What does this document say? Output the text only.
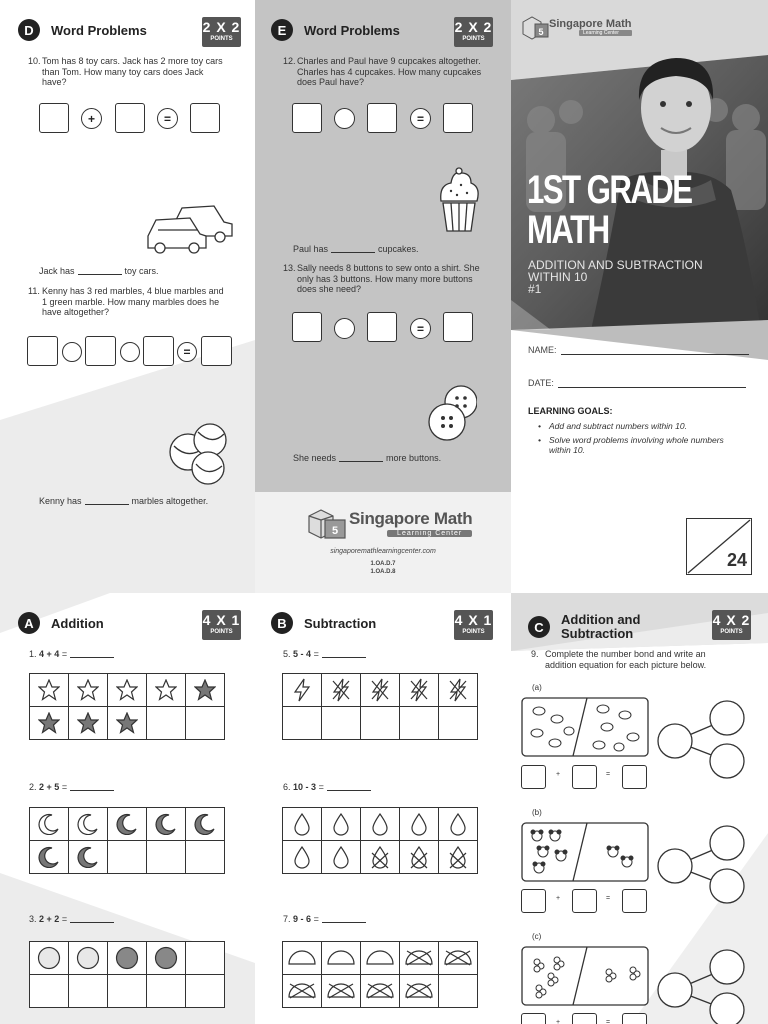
D	Word Problems	2 X 2
POINTS
10. Tom has 8 toy cars. Jack has 2 more toy cars than Tom. How many toy cars does Jack have?
+	=
Jack has	toy cars.
11. Kenny has 3 red marbles, 4 blue marbles and 1 green marble. How many marbles does he have altogether?
=
Kenny has	marbles altogether.
E	Word Problems	2 X 2
POINTS
12. Charles and Paul have 9 cupcakes altogether. Charles has 4 cupcakes. How many cupcakes does Paul have?
=
Paul has	cupcakes.
13. Sally needs 8 buttons to sew onto a shirt. She only has 3 buttons. How many more buttons does she need?
=
She needs	more buttons.
5
Singapore Math
Learning Center
singaporemathlearningcenter.com
1.OA.D.7
1.OA.D.8
5
Singapore Math
Learning Center
1ST GRADE
MATH
ADDITION AND SUBTRACTION
WITHIN 10
#1
NAME:
DATE:
LEARNING GOALS:
• Add and subtract numbers within 10.
• Solve word problems involving whole numbers within 10.
24
A	Addition	4 X 1
POINTS
1. 4 + 4 =

2. 2 + 5 =

3. 2 + 2 =

B	Subtraction	4 X 1
POINTS
5. 5 - 4 =

6. 10 - 3 =

7. 9 - 6 =

C	Addition and
Subtraction
4 X 2
POINTS
9. Complete the number bond and write an addition equation for each picture below.
(a)
+	=
(b)
+	=
(c)
+	=
